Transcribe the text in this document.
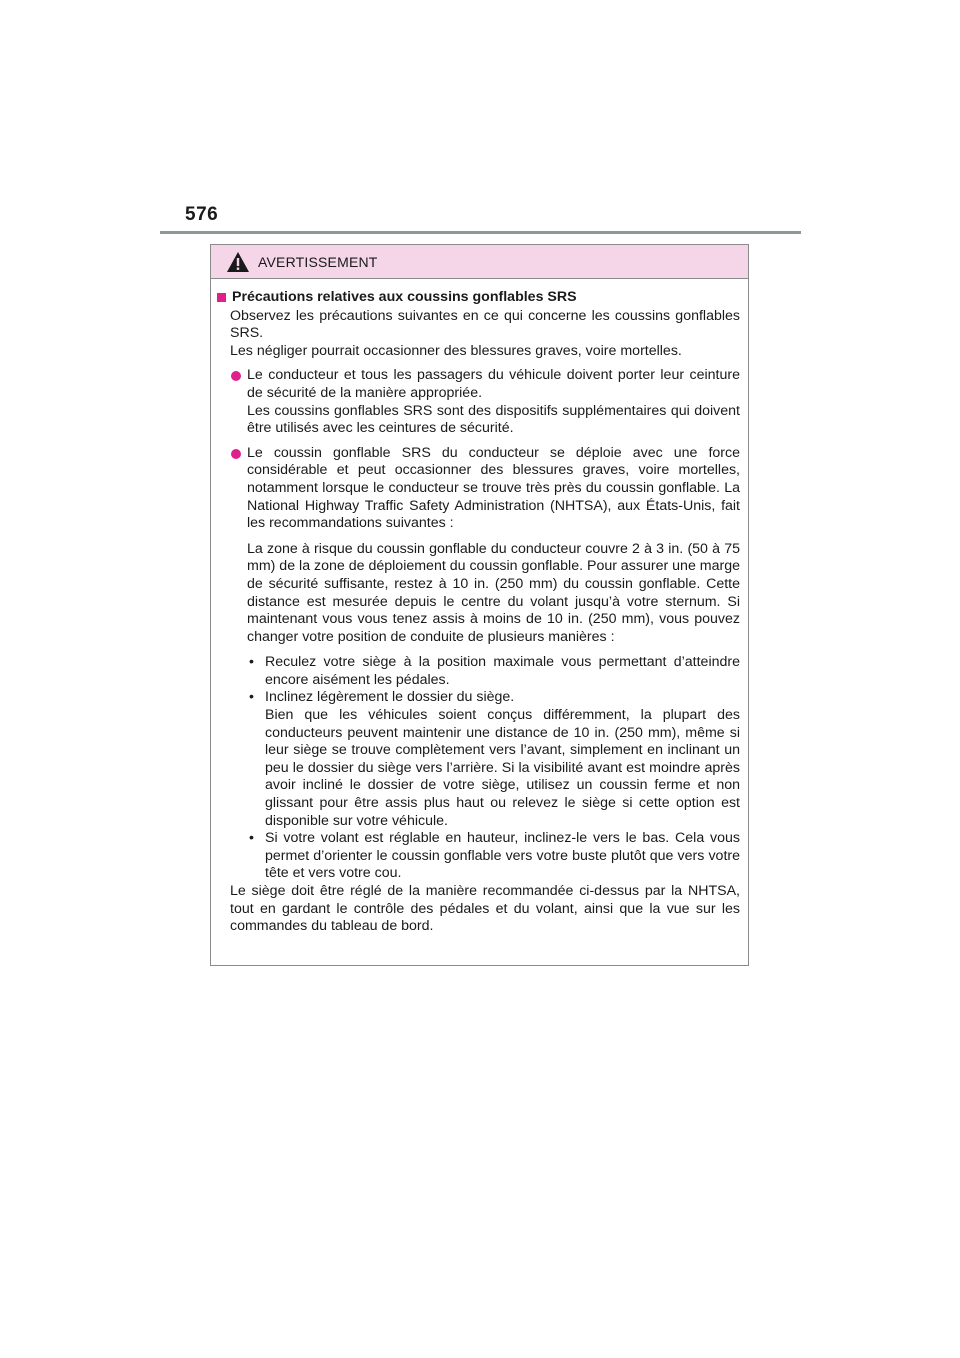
576
AVERTISSEMENT
Précautions relatives aux coussins gonflables SRS

Observez les précautions suivantes en ce qui concerne les coussins gonflables SRS.

Les négliger pourrait occasionner des blessures graves, voire mortelles.

Le conducteur et tous les passagers du véhicule doivent porter leur ceinture de sécurité de la manière appropriée.
Les coussins gonflables SRS sont des dispositifs supplémentaires qui doivent être utilisés avec les ceintures de sécurité.
Le coussin gonflable SRS du conducteur se déploie avec une force considérable et peut occasionner des blessures graves, voire mortelles, notamment lorsque le conducteur se trouve très près du coussin gonflable. La National Highway Traffic Safety Administration (NHTSA), aux États-Unis, fait les recommandations suivantes :
La zone à risque du coussin gonflable du conducteur couvre 2 à 3 in. (50 à 75 mm) de la zone de déploiement du coussin gonflable. Pour assurer une marge de sécurité suffisante, restez à 10 in. (250 mm) du coussin gonflable. Cette distance est mesurée depuis le centre du volant jusqu’à votre sternum. Si maintenant vous vous tenez assis à moins de 10 in. (250 mm), vous pouvez changer votre position de conduite de plusieurs manières :
• Reculez votre siège à la position maximale vous permettant d’atteindre encore aisément les pédales.
• Inclinez légèrement le dossier du siège.
Bien que les véhicules soient conçus différemment, la plupart des conducteurs peuvent maintenir une distance de 10 in. (250 mm), même si leur siège se trouve complètement vers l’avant, simplement en inclinant un peu le dossier du siège vers l’arrière. Si la visibilité avant est moindre après avoir incliné le dossier de votre siège, utilisez un coussin ferme et non glissant pour être assis plus haut ou relevez le siège si cette option est disponible sur votre véhicule.
• Si votre volant est réglable en hauteur, inclinez-le vers le bas. Cela vous permet d’orienter le coussin gonflable vers votre buste plutôt que vers votre tête et vers votre cou.
Le siège doit être réglé de la manière recommandée ci-dessus par la NHTSA, tout en gardant le contrôle des pédales et du volant, ainsi que la vue sur les commandes du tableau de bord.
